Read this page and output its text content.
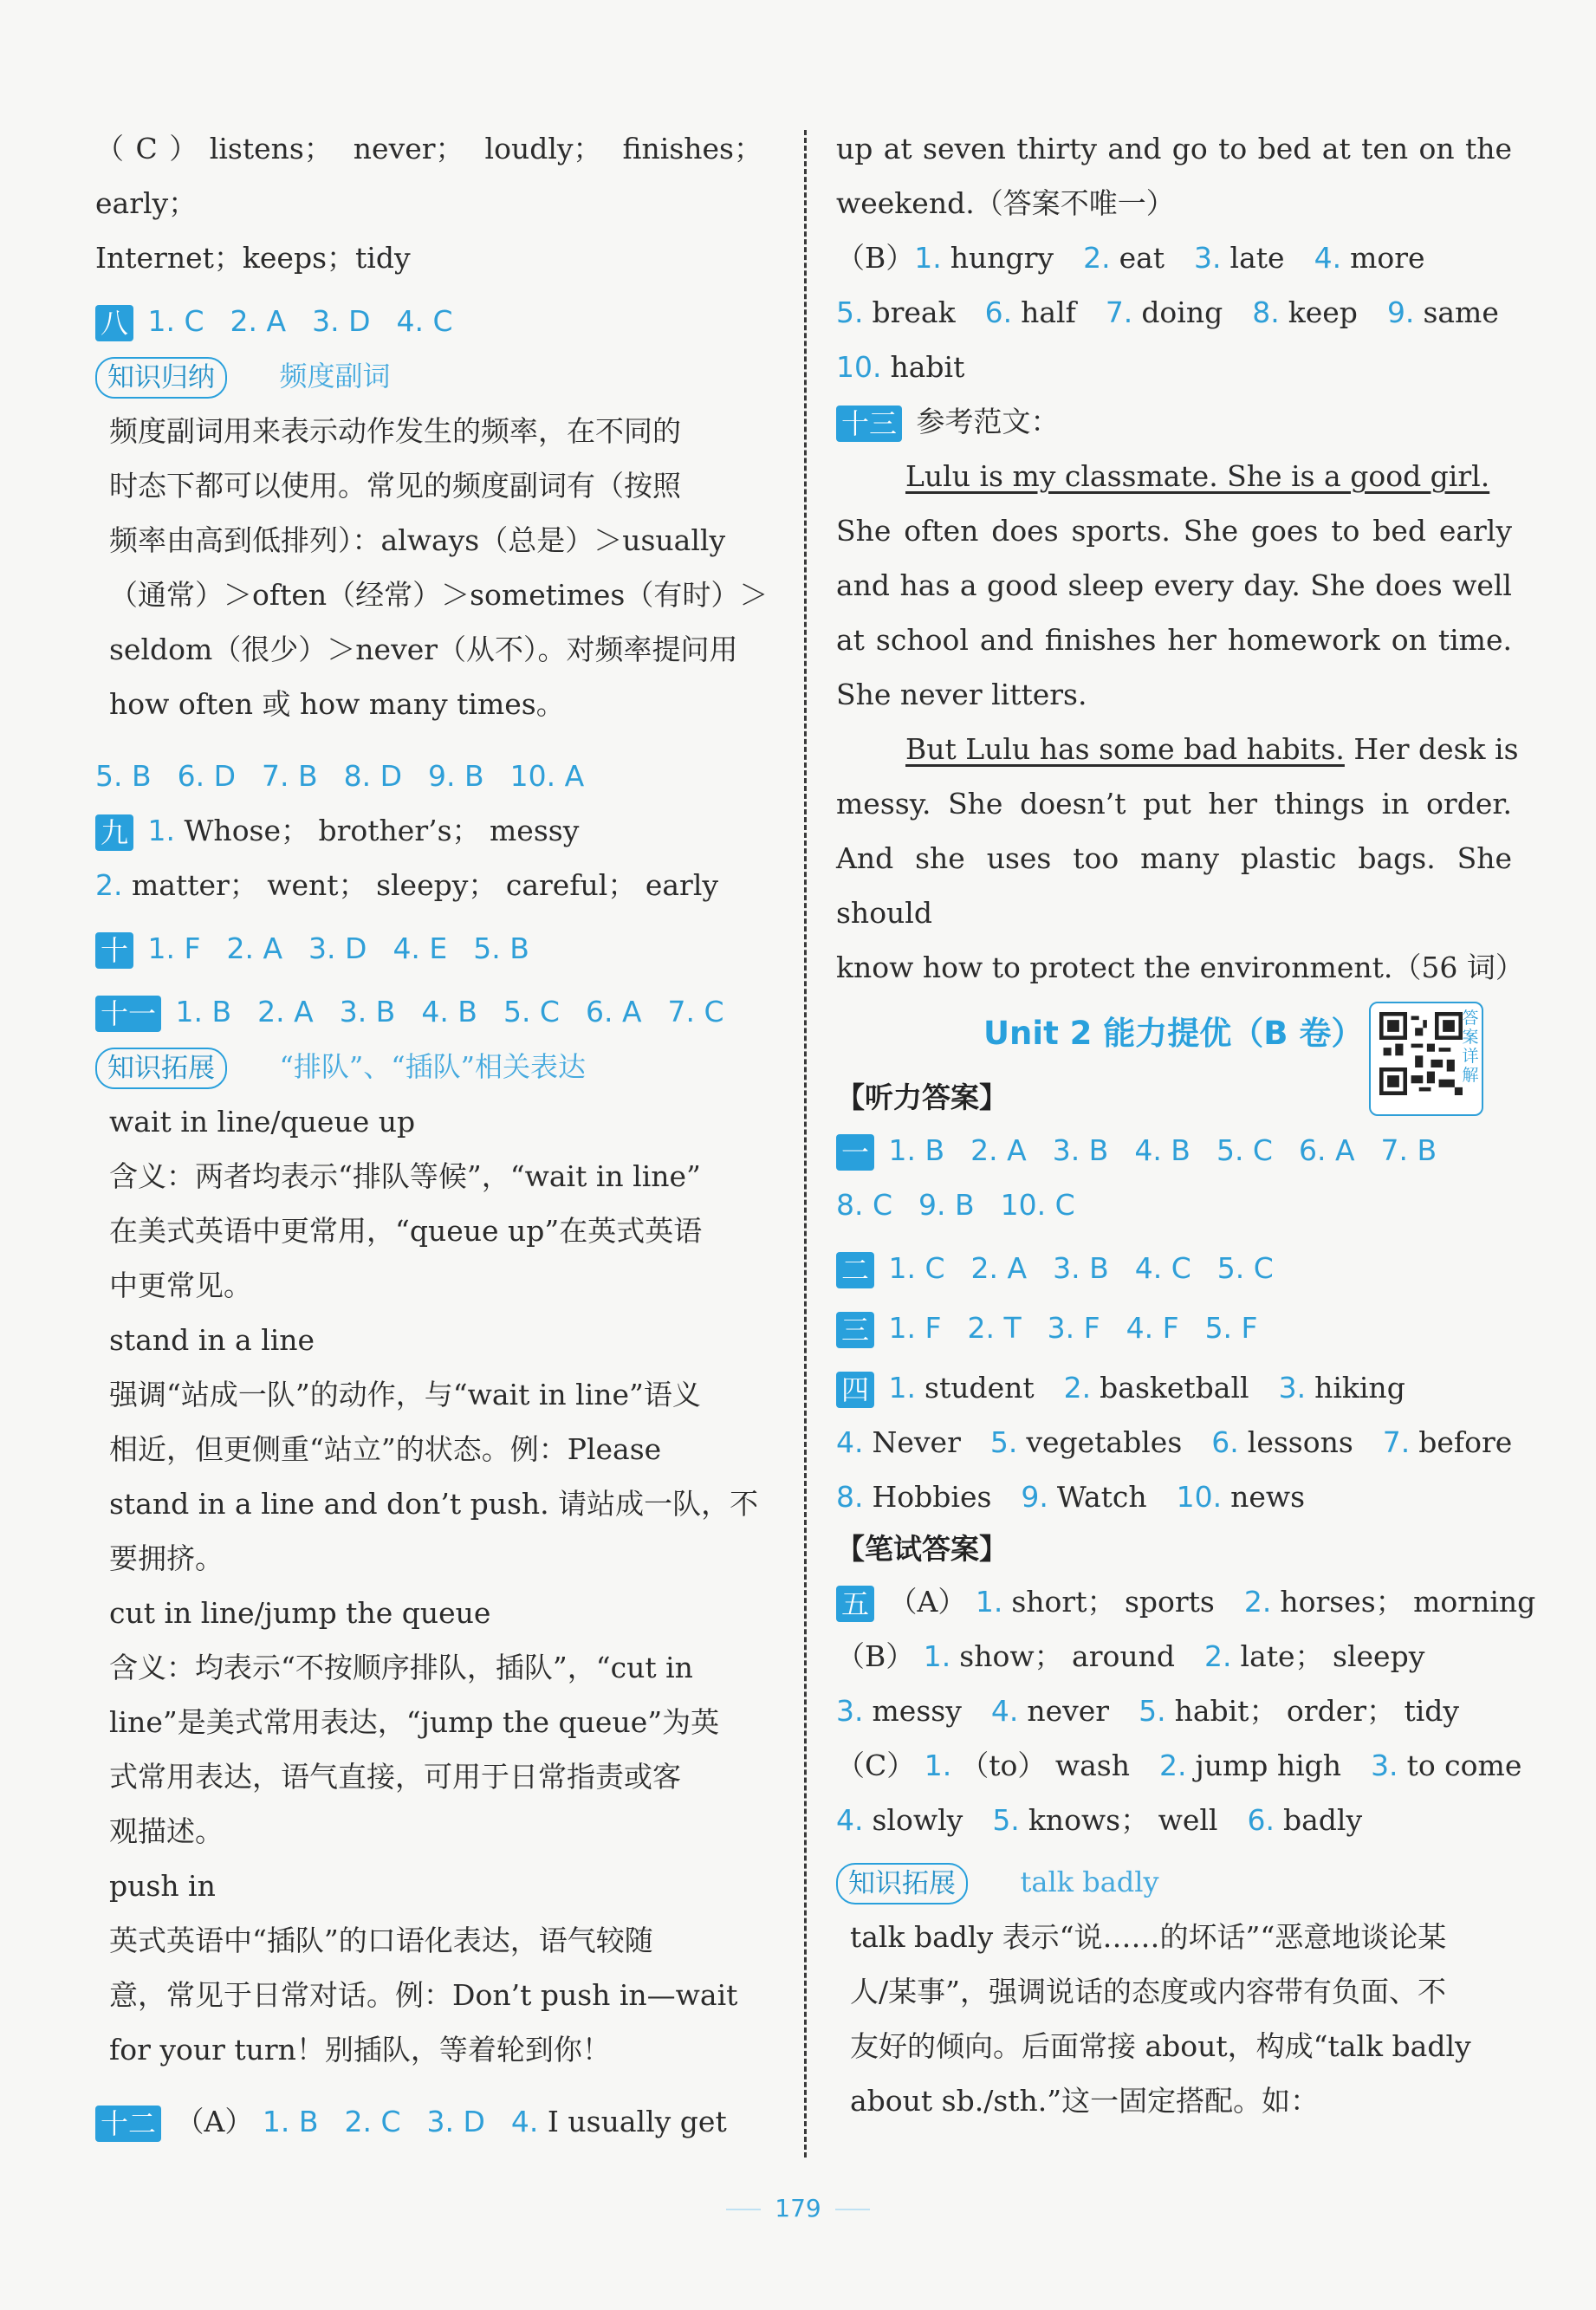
（C）listens； never； loudly； finishes； early；
Internet；keeps；tidy
八 1. C 2. A 3. D 4. C
知识归纳 频度副词
频度副词用来表示动作发生的频率，在不同的
时态下都可以使用。常见的频度副词有（按照
频率由高到低排列）：always（总是）＞usually
（通常）＞often（经常）＞sometimes（有时）＞
seldom（很少）＞never（从不）。对频率提问用
how often 或 how many times。
5. B 6. D 7. B 8. D 9. B 10. A
九 1. Whose； brother’s； messy
2. matter； went； sleepy； careful； early
十 1. F 2. A 3. D 4. E 5. B
十一 1. B 2. A 3. B 4. B 5. C 6. A 7. C
知识拓展 “排队”、“插队”相关表达
wait in line/queue up
含义：两者均表示“排队等候”，“wait in line”
在美式英语中更常用，“queue up”在英式英语
中更常见。
stand in a line
强调“站成一队”的动作，与“wait in line”语义
相近，但更侧重“站立”的状态。例：Please
stand in a line and don’t push. 请站成一队，不
要拥挤。
cut in line/jump the queue
含义：均表示“不按顺序排队，插队”，“cut in
line”是美式常用表达，“jump the queue”为英
式常用表达，语气直接，可用于日常指责或客
观描述。
push in
英式英语中“插队”的口语化表达，语气较随
意，常见于日常对话。例：Don’t push in—wait
for your turn！别插队，等着轮到你！
十二 （A） 1. B 2. C 3. D 4. I usually get
up at seven thirty and go to bed at ten on the
weekend.（答案不唯一）
（B）1. hungry 2. eat 3. late 4. more
5. break 6. half 7. doing 8. keep 9. same
10. habit
十三 参考范文：
Lulu is my classmate. She is a good girl.
She often does sports. She goes to bed early
and has a good sleep every day. She does well
at school and finishes her homework on time.
She never litters.
But Lulu has some bad habits. Her desk is
messy. She doesn’t put her things in order.
And she uses too many plastic bags. She should
know how to protect the environment.（56 词）
Unit 2 能力提优（B 卷）	答案详解
【听力答案】
一 1. B 2. A 3. B 4. B 5. C 6. A 7. B
8. C 9. B 10. C
二 1. C 2. A 3. B 4. C 5. C
三 1. F 2. T 3. F 4. F 5. F
四 1. student 2. basketball 3. hiking
4. Never 5. vegetables 6. lessons 7. before
8. Hobbies 9. Watch 10. news
【笔试答案】
五 （A） 1. short； sports 2. horses； morning
（B） 1. show； around 2. late； sleepy
3. messy 4. never 5. habit； order； tidy
（C） 1. （to） wash 2. jump high 3. to come
4. slowly 5. knows； well 6. badly
知识拓展 talk badly
talk badly 表示“说……的坏话”“恶意地谈论某
人/某事”，强调说话的态度或内容带有负面、不
友好的倾向。后面常接 about，构成“talk badly
about sb./sth.”这一固定搭配。如：
179
